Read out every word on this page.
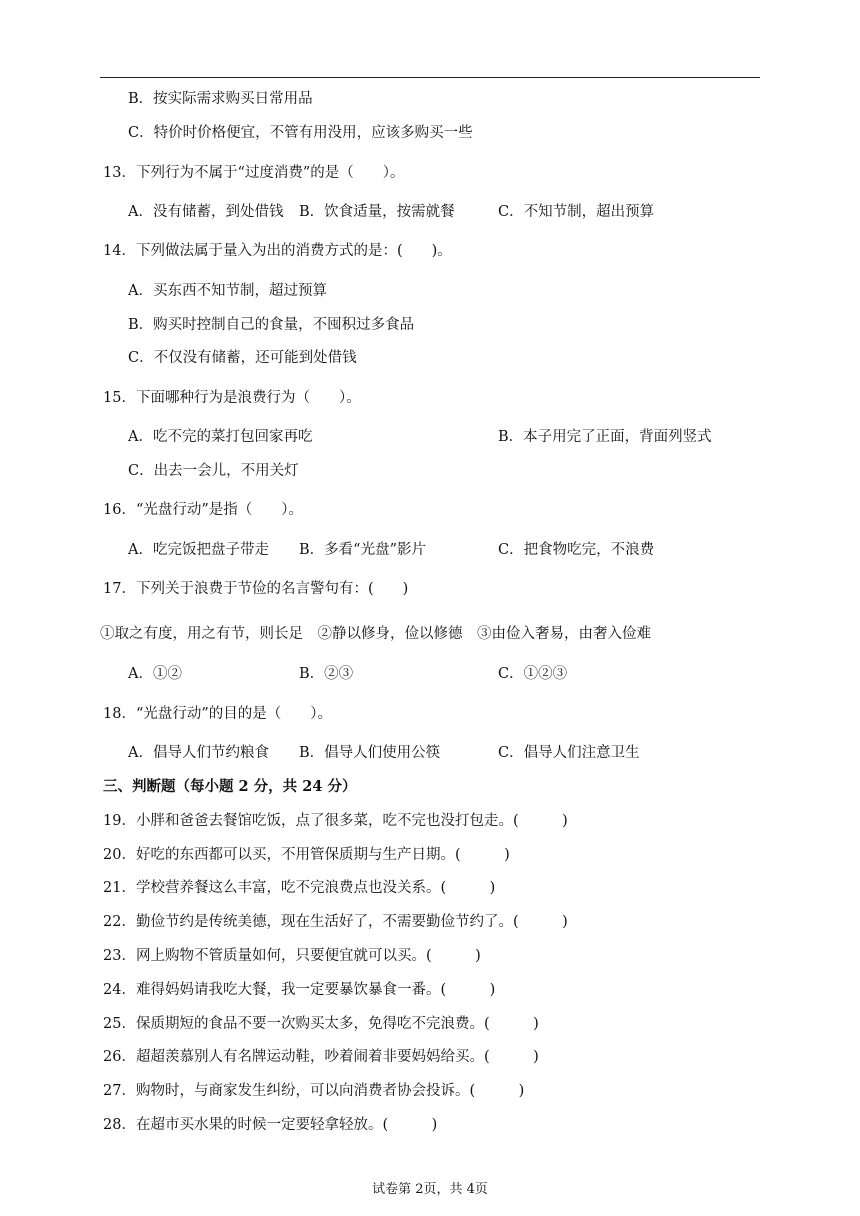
B．按实际需求购买日常用品
C．特价时价格便宜，不管有用没用，应该多购买一些
13．下列行为不属于“过度消费”的是（　　）。
A．没有储蓄，到处借钱 B．饮食适量，按需就餐	C．不知节制，超出预算
14．下列做法属于量入为出的消费方式的是：(　　)。
A．买东西不知节制，超过预算
B．购买时控制自己的食量，不囤积过多食品
C．不仅没有储蓄，还可能到处借钱
15．下面哪种行为是浪费行为（　　）。
A．吃不完的菜打包回家再吃	B．本子用完了正面，背面列竖式
C．出去一会儿，不用关灯
16．“光盘行动”是指（　　）。
A．吃完饭把盘子带走 B．多看“光盘”影片	C．把食物吃完，不浪费
17．下列关于浪费于节俭的名言警句有：(　　)
①取之有度，用之有节，则长足　②静以修身，俭以修德　③由俭入奢易，由奢入俭难
A．①②	B．②③	C．①②③
18．“光盘行动”的目的是（　　）。
A．倡导人们节约粮食 B．倡导人们使用公筷	C．倡导人们注意卫生
三、判断题（每小题 2 分，共 24 分）
19．小胖和爸爸去餐馆吃饭，点了很多菜，吃不完也没打包走。(　　　)
20．好吃的东西都可以买，不用管保质期与生产日期。(　　　)
21．学校营养餐这么丰富，吃不完浪费点也没关系。(　　　)
22．勤俭节约是传统美德，现在生活好了，不需要勤俭节约了。(　　　)
23．网上购物不管质量如何，只要便宜就可以买。(　　　)
24．难得妈妈请我吃大餐，我一定要暴饮暴食一番。(　　　)
25．保质期短的食品不要一次购买太多，免得吃不完浪费。(　　　)
26．超超羡慕别人有名牌运动鞋，吵着闹着非要妈妈给买。(　　　)
27．购物时，与商家发生纠纷，可以向消费者协会投诉。(　　　)
28．在超市买水果的时候一定要轻拿轻放。(　　　)
试卷第 2页，共 4页
